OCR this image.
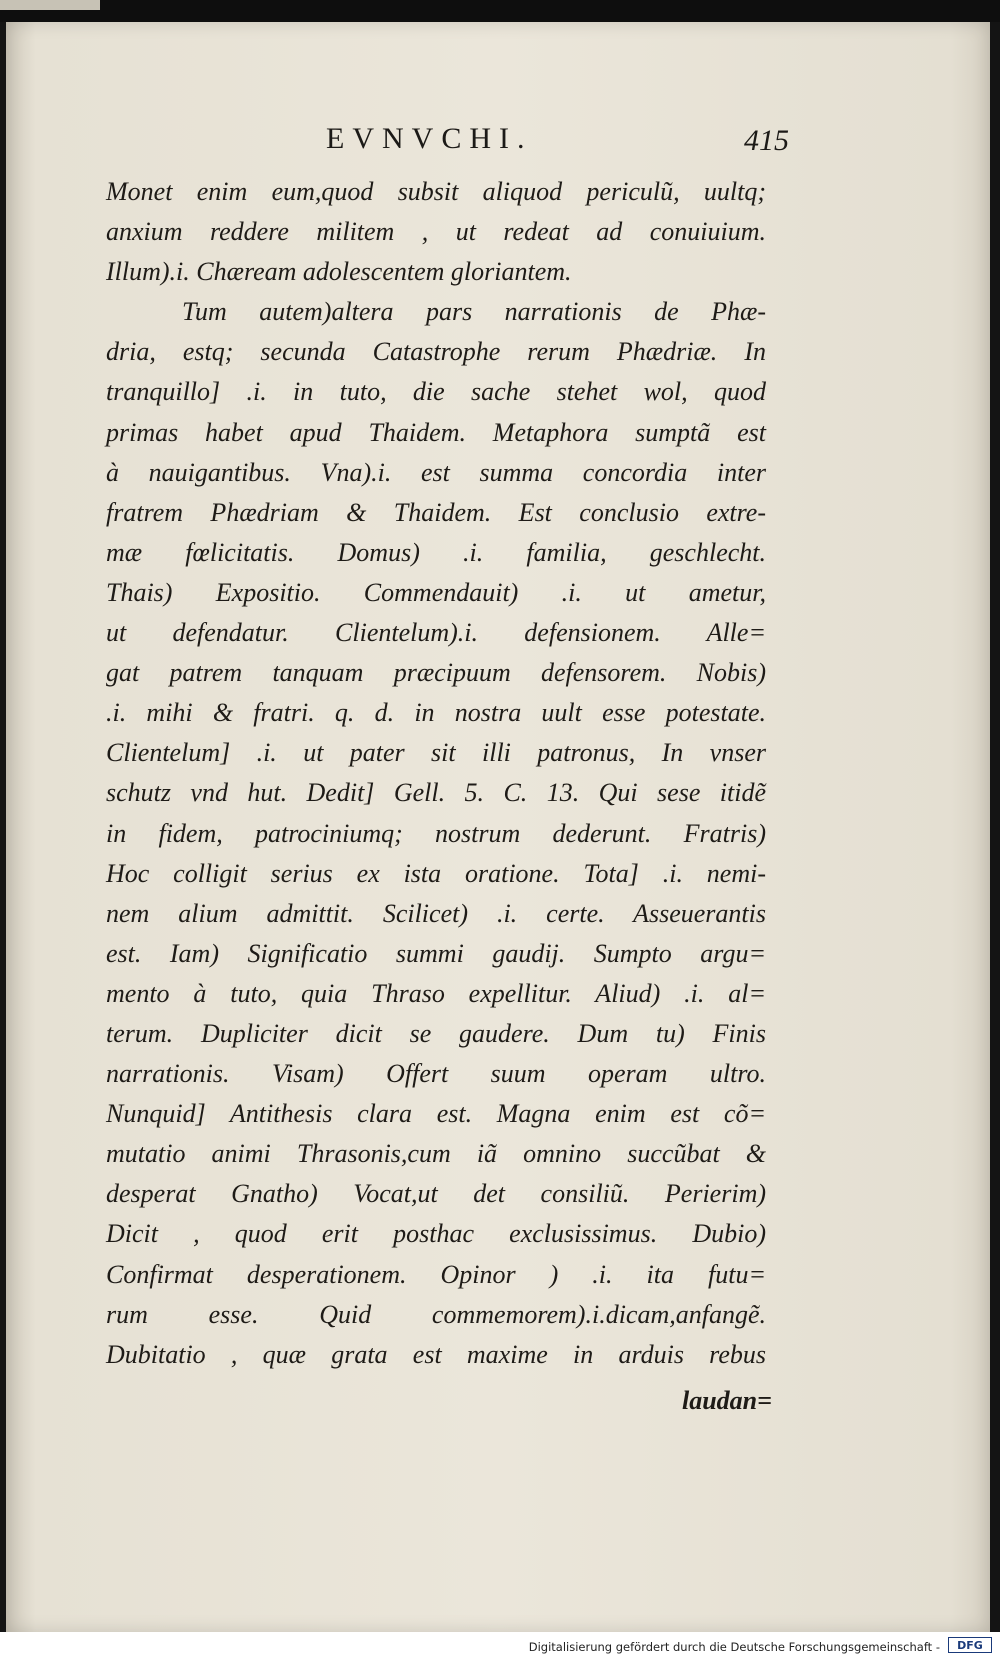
EVNVCHI.	415
Monet enim eum,quod subsit aliquod periculũ, uultq;
anxium reddere militem , ut redeat ad conuiuium.
Illum).i. Chæream adolescentem gloriantem.
Tum autem)altera pars narrationis de Phæ-
dria, estq; secunda Catastrophe rerum Phædriæ. In
tranquillo] .i. in tuto, die sache stehet wol, quod
primas habet apud Thaidem. Metaphora sumptã est
à nauigantibus. Vna).i. est summa concordia inter
fratrem Phædriam & Thaidem. Est conclusio extre-
mæ fœlicitatis. Domus) .i. familia, geschlecht.
Thais) Expositio. Commendauit) .i. ut ametur,
ut defendatur. Clientelum).i. defensionem. Alle=
gat patrem tanquam præcipuum defensorem. Nobis)
.i. mihi & fratri. q. d. in nostra uult esse potestate.
Clientelum] .i. ut pater sit illi patronus, In vnser
schutz vnd hut. Dedit] Gell. 5. C. 13. Qui sese itidẽ
in fidem, patrociniumq; nostrum dederunt. Fratris)
Hoc colligit serius ex ista oratione. Tota] .i. nemi-
nem alium admittit. Scilicet) .i. certe. Asseuerantis
est. Iam) Significatio summi gaudij. Sumpto argu=
mento à tuto, quia Thraso expellitur. Aliud) .i. al=
terum. Dupliciter dicit se gaudere. Dum tu) Finis
narrationis. Visam) Offert suum operam ultro.
Nunquid] Antithesis clara est. Magna enim est cõ=
mutatio animi Thrasonis,cum iã omnino succũbat &
desperat Gnatho) Vocat,ut det consiliũ. Perierim)
Dicit , quod erit posthac exclusissimus. Dubio)
Confirmat desperationem. Opinor ) .i. ita futu=
rum esse. Quid commemorem).i.dicam,anfangẽ.
Dubitatio , quæ grata est maxime in arduis rebus
laudan=
Digitalisierung gefördert durch die Deutsche Forschungsgemeinschaft -	DFG
